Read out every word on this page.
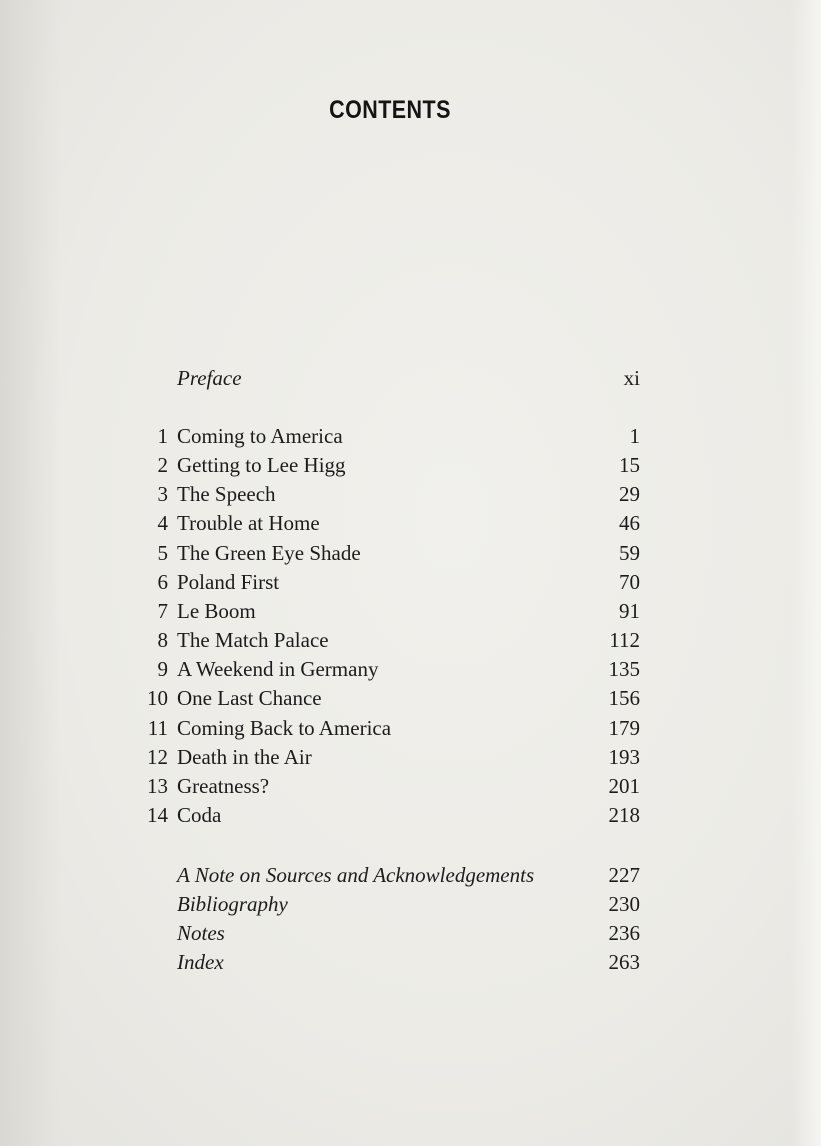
CONTENTS
Preface	xi
1 Coming to America	1
2 Getting to Lee Higg	15
3 The Speech	29
4 Trouble at Home	46
5 The Green Eye Shade	59
6 Poland First	70
7 Le Boom	91
8 The Match Palace	112
9 A Weekend in Germany	135
10 One Last Chance	156
11 Coming Back to America	179
12 Death in the Air	193
13 Greatness?	201
14 Coda	218
A Note on Sources and Acknowledgements	227
Bibliography	230
Notes	236
Index	263
